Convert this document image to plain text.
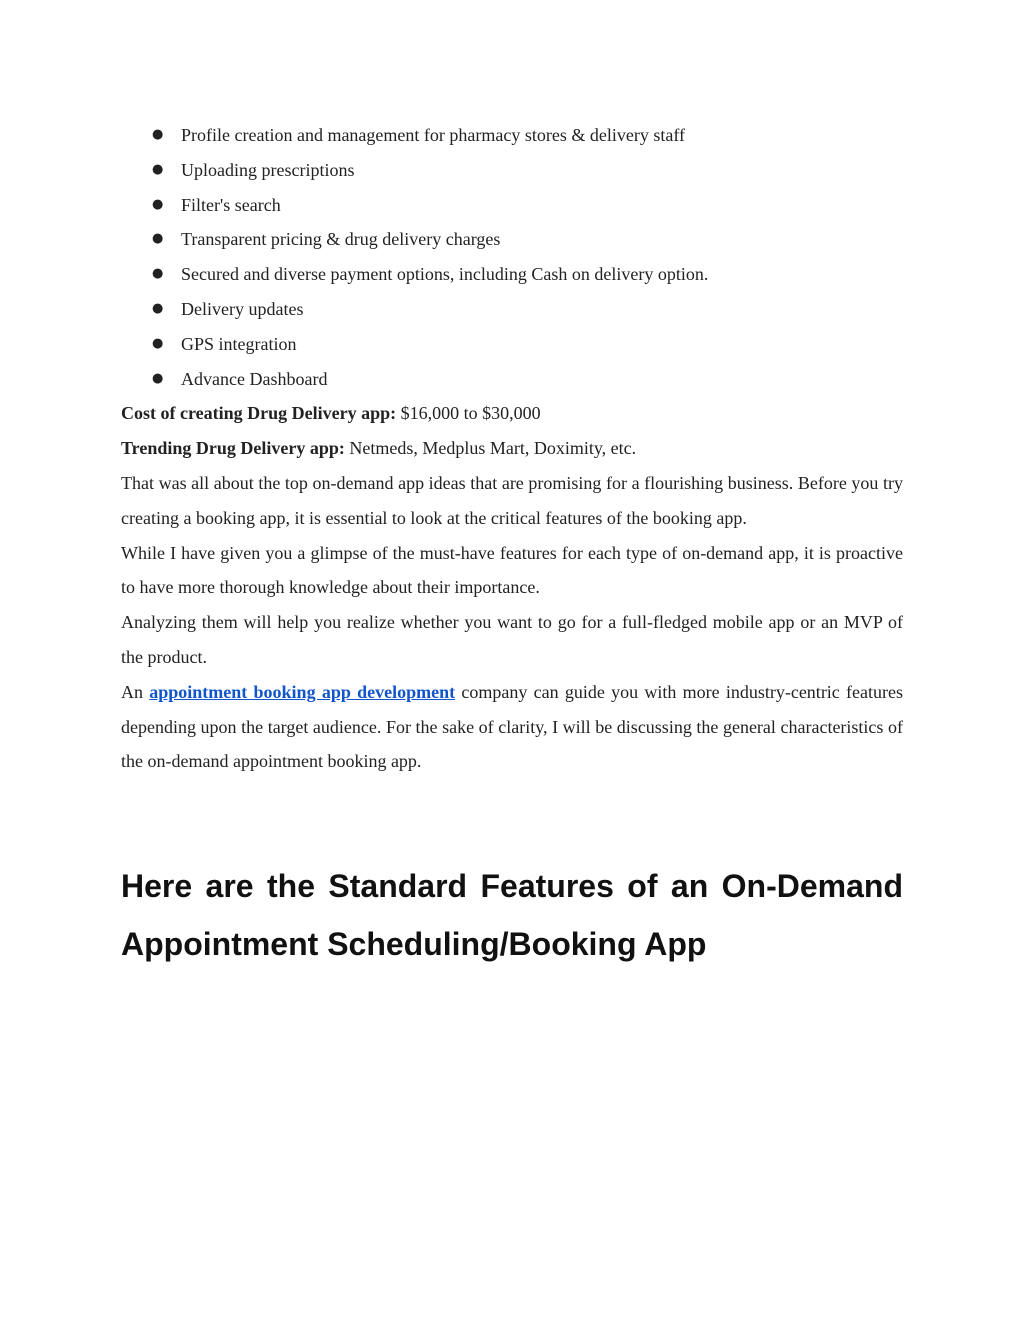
● Profile creation and management for pharmacy stores & delivery staff
● Uploading prescriptions
● Filter's search
● Transparent pricing & drug delivery charges
● Secured and diverse payment options, including Cash on delivery option.
● Delivery updates
● GPS integration
● Advance Dashboard

Cost of creating Drug Delivery app: $16,000 to $30,000

Trending Drug Delivery app: Netmeds, Medplus Mart, Doximity, etc.

That was all about the top on-demand app ideas that are promising for a flourishing business. Before you try creating a booking app, it is essential to look at the critical features of the booking app.

While I have given you a glimpse of the must-have features for each type of on-demand app, it is proactive to have more thorough knowledge about their importance.

Analyzing them will help you realize whether you want to go for a full-fledged mobile app or an MVP of the product.

An appointment booking app development company can guide you with more industry-centric features depending upon the target audience. For the sake of clarity, I will be discussing the general characteristics of the on-demand appointment booking app.

Here are the Standard Features of an On-Demand Appointment Scheduling/Booking App
